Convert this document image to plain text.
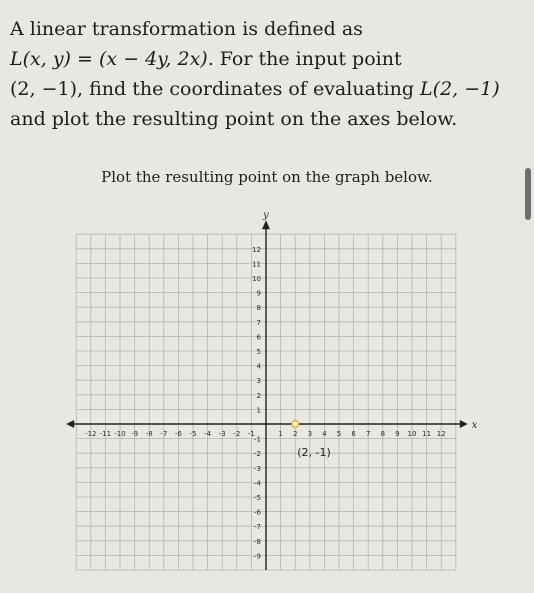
A linear transformation is defined as
L(x, y) = (x − 4y, 2x). For the input point
(2, −1), find the coordinates of evaluating L(2, −1)
and plot the resulting point on the axes below.
Plot the resulting point on the graph below.
-12 -11 -10 -9 -8 -7 -6 -5 -4 -3 -2 -1	1 2 3 4 5 6 7 8 9 10 11 12
1
2
3
4
5
6
7
8
9
10
11
12
-1
-2
-3
-4
-5
-6
-7
-8
-9
x
y
(2, -1)
